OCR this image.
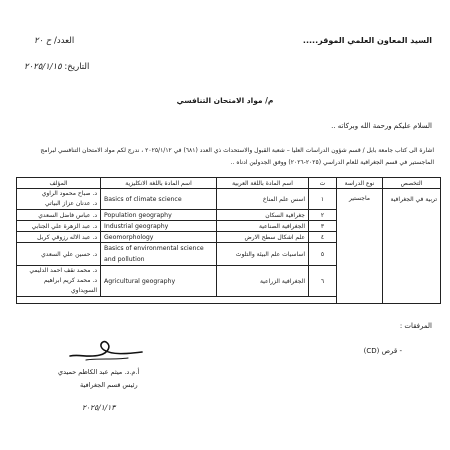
السيد المعاون العلمي الموقر.....
العدد/ ح ٢٠
التاريخ: ٢٠٢٥/١/١٥
م/ مواد الامتحان التنافسي
السلام عليكم ورحمة الله وبركاته ..
اشارة الى كتاب جامعة بابل / قسم شؤون الدراسات العليا – شعبة القبول والاستحداث ذي العدد (٦٨١) في ٢٠٢٥/١/١٢ ، ندرج لكم مواد الامتحان التنافسي لبرامج الماجستير في قسم الجغرافية للعام الدراسي (٢٠٢٥-٢٠٢٦) ووفق الجدولين ادناه ..
التخصص	نوع الدراسة	ت	اسم المادة باللغة العربية	اسم المادة باللغة الانكليزية	المؤلف
تربية في الجغرافية	ماجستير	١	اسس علم المناخ	Basics of climate science	د. صباح محمود الراوي
د. عدنان عزاز البياتي

		٢	جغرافية السكان	Population geography	د. عباس فاضل السعدي
		٣	الجغرافية الصناعية	Industrial geography	د. عبد الزهرة علي الجنابي
		٤	علم اشكال سطح الارض	Geomorphology	د. عبد الاله رزوقي كربل
		٥	اساسيات علم البيئة والتلوث	Basics of environmental science and pollution	د. حسين علي السعدي
		٦	الجغرافية الزراعية	Agricultural geography	د. محمد نقف احمد الدليمي
د. محمد كريم ابراهيم السويداوي

المرفقات :
- قرص (CD)
أ.م.د. ميثم عبد الكاظم حميدي
رئيس قسم الجغرافية
٢٠٢٥/١/١٣
